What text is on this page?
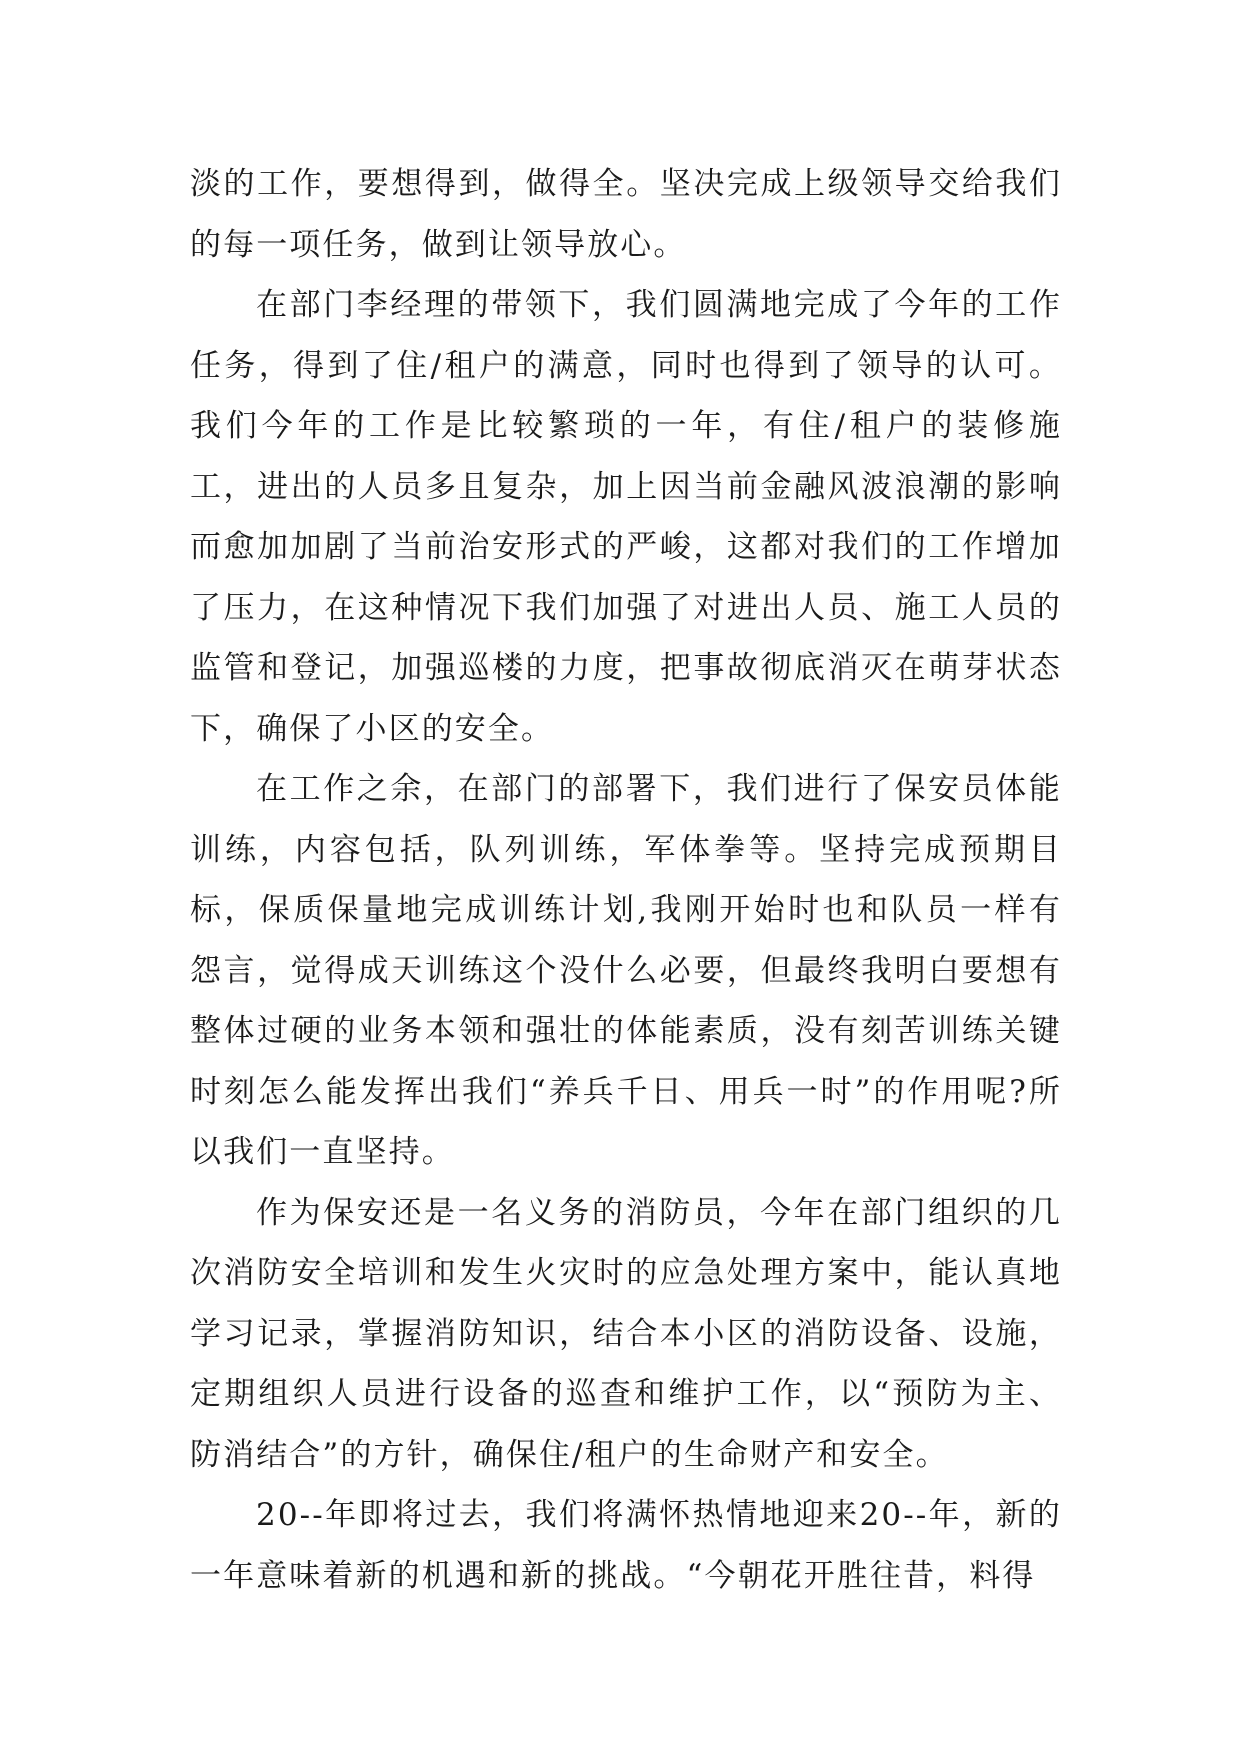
淡的工作，要想得到，做得全。坚决完成上级领导交给我们的每一项任务，做到让领导放心。

在部门李经理的带领下，我们圆满地完成了今年的工作任务，得到了住/租户的满意，同时也得到了领导的认可。我们今年的工作是比较繁琐的一年，有住/租户的装修施工，进出的人员多且复杂，加上因当前金融风波浪潮的影响而愈加加剧了当前治安形式的严峻，这都对我们的工作增加了压力，在这种情况下我们加强了对进出人员、施工人员的监管和登记，加强巡楼的力度，把事故彻底消灭在萌芽状态下，确保了小区的安全。

在工作之余，在部门的部署下，我们进行了保安员体能训练，内容包括，队列训练，军体拳等。坚持完成预期目标，保质保量地完成训练计划,我刚开始时也和队员一样有怨言，觉得成天训练这个没什么必要，但最终我明白要想有整体过硬的业务本领和强壮的体能素质，没有刻苦训练关键时刻怎么能发挥出我们“养兵千日、用兵一时”的作用呢?所以我们一直坚持。

作为保安还是一名义务的消防员，今年在部门组织的几次消防安全培训和发生火灾时的应急处理方案中，能认真地学习记录，掌握消防知识，结合本小区的消防设备、设施，定期组织人员进行设备的巡查和维护工作，以“预防为主、防消结合”的方针，确保住/租户的生命财产和安全。

20--年即将过去，我们将满怀热情地迎来20--年，新的一年意味着新的机遇和新的挑战。“今朝花开胜往昔，料得
